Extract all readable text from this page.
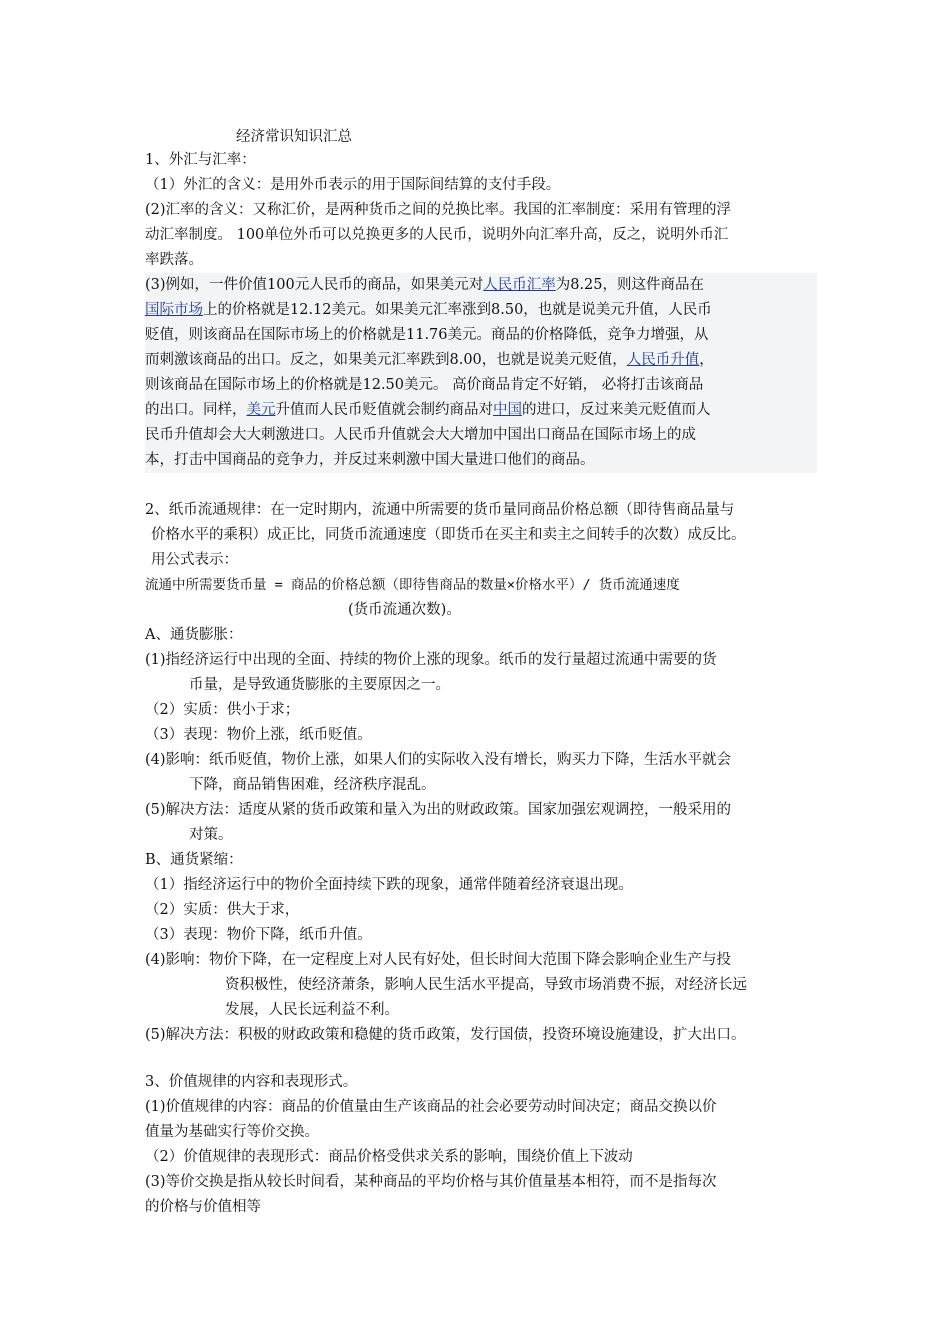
经济常识知识汇总

1、外汇与汇率：

（1）外汇的含义：是用外币表示的用于国际间结算的支付手段。

(2)汇率的含义：又称汇价，是两种货币之间的兑换比率。我国的汇率制度：采用有管理的浮

动汇率制度。 100单位外币可以兑换更多的人民币，说明外向汇率升高，反之，说明外币汇

率跌落。

(3)例如，一件价值100元人民币的商品，如果美元对人民币汇率为8.25，则这件商品在

国际市场上的价格就是12.12美元。如果美元汇率涨到8.50，也就是说美元升值，人民币

贬值，则该商品在国际市场上的价格就是11.76美元。商品的价格降低，竞争力增强，从

而刺激该商品的出口。反之，如果美元汇率跌到8.00，也就是说美元贬值，人民币升值，

则该商品在国际市场上的价格就是12.50美元。 高价商品肯定不好销， 必将打击该商品

的出口。同样，美元升值而人民币贬值就会制约商品对中国的进口，反过来美元贬值而人

民币升值却会大大刺激进口。人民币升值就会大大增加中国出口商品在国际市场上的成

本，打击中国商品的竞争力，并反过来刺激中国大量进口他们的商品。

2、纸币流通规律：在一定时期内，流通中所需要的货币量同商品价格总额（即待售商品量与

价格水平的乘积）成正比，同货币流通速度（即货币在买主和卖主之间转手的次数）成反比。

用公式表示：

流通中所需要货币量 = 商品的价格总额（即待售商品的数量×价格水平）/ 货币流通速度

(货币流通次数)。

A、通货膨胀：

(1)指经济运行中出现的全面、持续的物价上涨的现象。纸币的发行量超过流通中需要的货

币量，是导致通货膨胀的主要原因之一。

（2）实质：供小于求；

（3）表现：物价上涨，纸币贬值。

(4)影响：纸币贬值，物价上涨，如果人们的实际收入没有增长，购买力下降，生活水平就会

下降，商品销售困难，经济秩序混乱。

(5)解决方法：适度从紧的货币政策和量入为出的财政政策。国家加强宏观调控，一般采用的

对策。

B、通货紧缩：

（1）指经济运行中的物价全面持续下跌的现象，通常伴随着经济衰退出现。

（2）实质：供大于求，

（3）表现：物价下降，纸币升值。

(4)影响：物价下降，在一定程度上对人民有好处，但长时间大范围下降会影响企业生产与投

资积极性，使经济萧条，影响人民生活水平提高，导致市场消费不振，对经济长远

发展，人民长远利益不利。

(5)解决方法：积极的财政政策和稳健的货币政策，发行国债，投资环境设施建设，扩大出口。

3、价值规律的内容和表现形式。

(1)价值规律的内容：商品的价值量由生产该商品的社会必要劳动时间决定；商品交换以价

值量为基础实行等价交换。

（2）价值规律的表现形式：商品价格受供求关系的影响，围绕价值上下波动

(3)等价交换是指从较长时间看，某种商品的平均价格与其价值量基本相符，而不是指每次

的价格与价值相等
